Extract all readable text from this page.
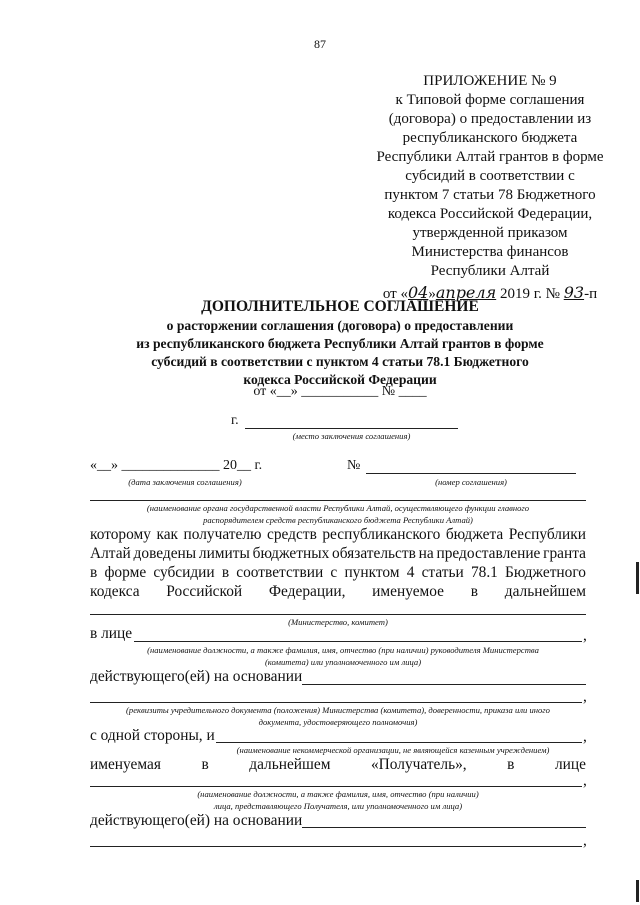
87
ПРИЛОЖЕНИЕ № 9
к Типовой форме соглашения
(договора) о предоставлении из
республиканского бюджета
Республики Алтай грантов в форме
субсидий в соответствии с
пунктом 7 статьи 78 Бюджетного
кодекса Российской Федерации,
утвержденной приказом
Министерства финансов
Республики Алтай
от «04»апреля 2019 г. № 93-п
ДОПОЛНИТЕЛЬНОЕ СОГЛАШЕНИЕ
о расторжении соглашения (договора) о предоставлении
из республиканского бюджета Республики Алтай грантов в форме
субсидий в соответствии с пунктом 4 статьи 78.1 Бюджетного
кодекса Российской Федерации
от «__» ___________ № ____
г.
(место заключения соглашения)
«__» ______________ 20__ г.
(дата заключения соглашения)
№
(номер соглашения)
(наименование органа государственной власти Республики Алтай, осуществляющего функции главного
распорядителем средств республиканского бюджета Республики Алтай)
которому как получателю средств республиканского бюджета Республики
Алтай доведены лимиты бюджетных обязательств на предоставление гранта
в форме субсидии в соответствии с пунктом 4 статьи 78.1 Бюджетного
кодекса Российской Федерации, именуемое в дальнейшем
(Министерство, комитет)
в лице	,
(наименование должности, а также фамилия, имя, отчество (при наличии) руководителя Министерства
(комитета) или уполномоченного им лица)
действующего(ей) на основании
,
(реквизиты учредительного документа (положения) Министерства (комитета), доверенности, приказа или иного
документа, удостоверяющего полномочия)
с одной стороны, и	,
(наименование некоммерческой организации, не являющейся казенным учреждением)
именуемая	в	дальнейшем	«Получатель»,	в	лице
,
(наименование должности, а также фамилия, имя, отчество (при наличии)
лица, представляющего Получателя, или уполномоченного им лица)
действующего(ей) на основании
,
